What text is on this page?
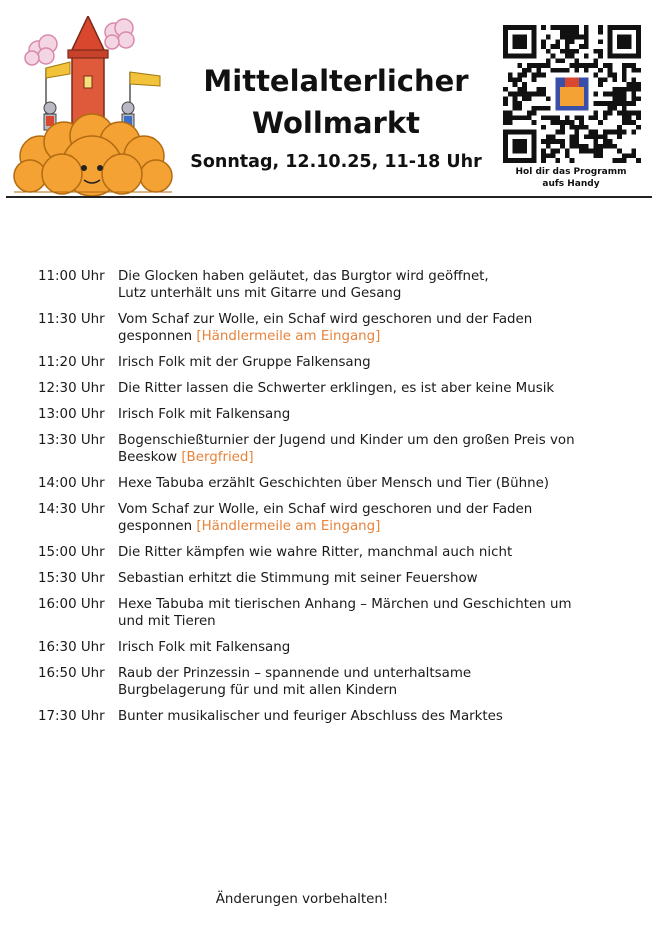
Mittelalterlicher
Wollmarkt
Sonntag, 12.10.25, 11-18 Uhr	Hol dir das Programm
aufs Handy
11:00 Uhr Die Glocken haben geläutet, das Burgtor wird geöffnet,
Lutz unterhält uns mit Gitarre und Gesang
11:30 Uhr Vom Schaf zur Wolle, ein Schaf wird geschoren und der Faden
gesponnen [Händlermeile am Eingang]
11:20 Uhr Irisch Folk mit der Gruppe Falkensang
12:30 Uhr Die Ritter lassen die Schwerter erklingen, es ist aber keine Musik
13:00 Uhr Irisch Folk mit Falkensang
13:30 Uhr Bogenschießturnier der Jugend und Kinder um den großen Preis von
Beeskow [Bergfried]
14:00 Uhr Hexe Tabuba erzählt Geschichten über Mensch und Tier (Bühne)
14:30 Uhr Vom Schaf zur Wolle, ein Schaf wird geschoren und der Faden
gesponnen [Händlermeile am Eingang]
15:00 Uhr Die Ritter kämpfen wie wahre Ritter, manchmal auch nicht
15:30 Uhr Sebastian erhitzt die Stimmung mit seiner Feuershow
16:00 Uhr Hexe Tabuba mit tierischen Anhang – Märchen und Geschichten um
und mit Tieren
16:30 Uhr Irisch Folk mit Falkensang
16:50 Uhr Raub der Prinzessin – spannende und unterhaltsame
Burgbelagerung für und mit allen Kindern
17:30 Uhr Bunter musikalischer und feuriger Abschluss des Marktes
Änderungen vorbehalten!
